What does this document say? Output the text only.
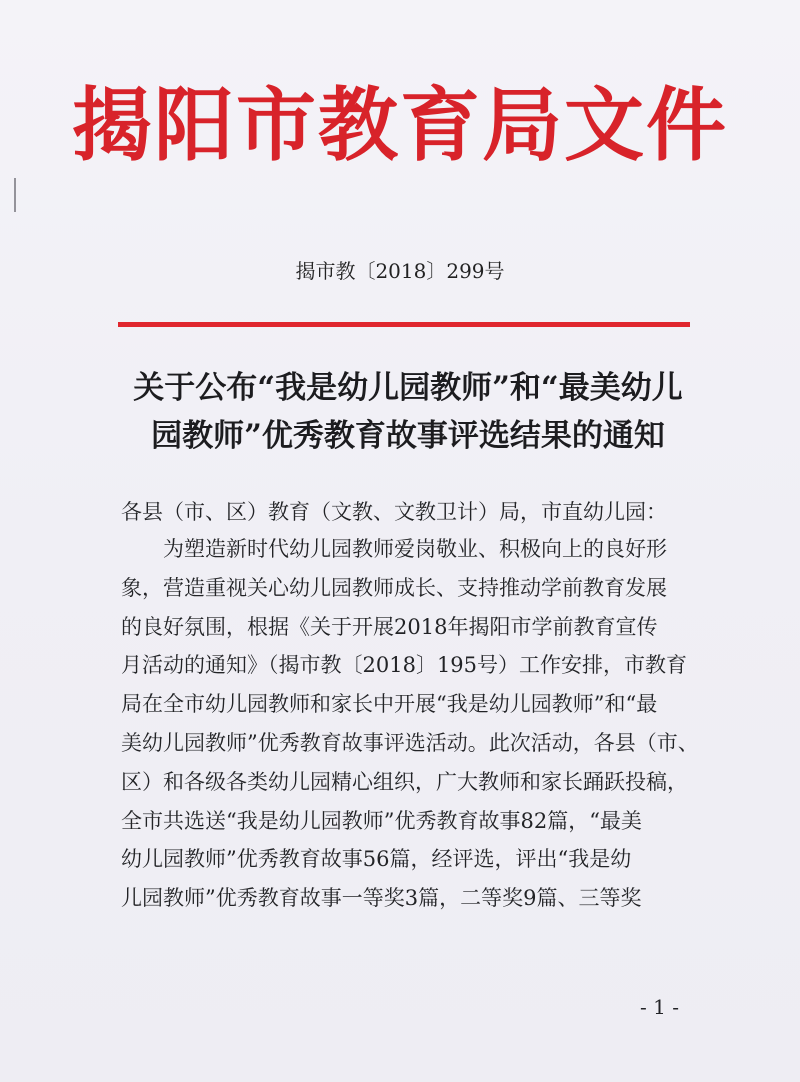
揭阳市教育局文件
揭市教〔2018〕299号
关于公布“我是幼儿园教师”和“最美幼儿
园教师”优秀教育故事评选结果的通知
各县（市、区）教育（文教、文教卫计）局，市直幼儿园：
为塑造新时代幼儿园教师爱岗敬业、积极向上的良好形
象，营造重视关心幼儿园教师成长、支持推动学前教育发展
的良好氛围，根据《关于开展2018年揭阳市学前教育宣传
月活动的通知》（揭市教〔2018〕195号）工作安排，市教育
局在全市幼儿园教师和家长中开展“我是幼儿园教师”和“最
美幼儿园教师”优秀教育故事评选活动。此次活动，各县（市、
区）和各级各类幼儿园精心组织，广大教师和家长踊跃投稿，
全市共选送“我是幼儿园教师”优秀教育故事82篇，“最美
幼儿园教师”优秀教育故事56篇，经评选，评出“我是幼
儿园教师”优秀教育故事一等奖3篇，二等奖9篇、三等奖
- 1 -
